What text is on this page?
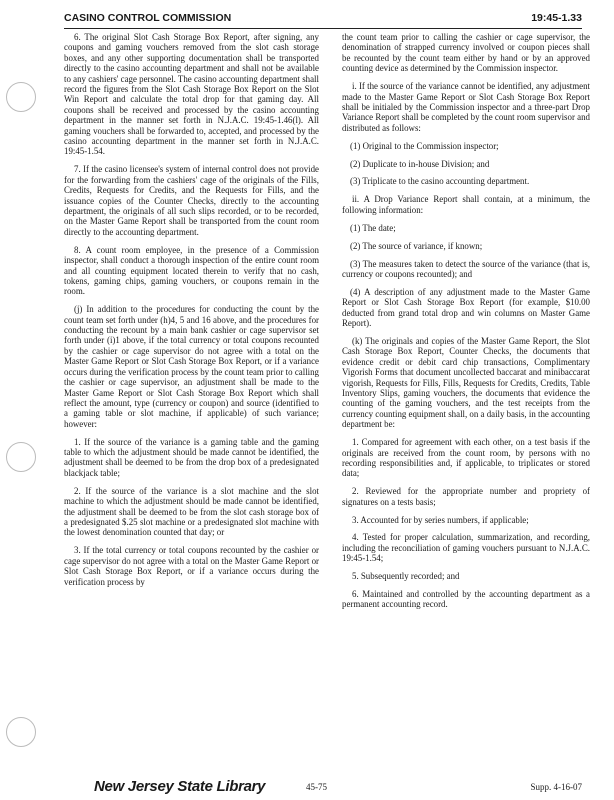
CASINO CONTROL COMMISSION	19:45-1.33

6. The original Slot Cash Storage Box Report, after signing, any coupons and gaming vouchers removed from the slot cash storage boxes, and any other supporting documentation shall be transported directly to the casino accounting department and shall not be available to any cashiers' cage personnel. The casino accounting department shall record the figures from the Slot Cash Storage Box Report on the Slot Win Report and calculate the total drop for that gaming day. All coupons shall be received and processed by the casino accounting department in the manner set forth in N.J.A.C. 19:45-1.46(l). All gaming vouchers shall be forwarded to, accepted, and processed by the casino accounting department in the manner set forth in N.J.A.C. 19:45-1.54.

7. If the casino licensee's system of internal control does not provide for the forwarding from the cashiers' cage of the originals of the Fills, Credits, Requests for Credits, and the Requests for Fills, and the issuance copies of the Counter Checks, directly to the accounting department, the originals of all such slips recorded, or to be recorded, on the Master Game Report shall be transported from the count room directly to the accounting department.

8. A count room employee, in the presence of a Commission inspector, shall conduct a thorough inspection of the entire count room and all counting equipment located therein to verify that no cash, tokens, gaming chips, gaming vouchers, or coupons remain in the room.

(j) In addition to the procedures for conducting the count by the count team set forth under (h)4, 5 and 16 above, and the procedures for conducting the recount by a main bank cashier or cage supervisor set forth under (i)1 above, if the total currency or total coupons recounted by the cashier or cage supervisor do not agree with a total on the Master Game Report or Slot Cash Storage Box Report, or if a variance occurs during the verification process by the count team prior to calling the cashier or cage supervisor, an adjustment shall be made to the Master Game Report or Slot Cash Storage Box Report which shall reflect the amount, type (currency or coupon) and source (identified to a gaming table or slot machine, if applicable) of such variance; however:

1. If the source of the variance is a gaming table and the gaming table to which the adjustment should be made cannot be identified, the adjustment shall be deemed to be from the drop box of a predesignated blackjack table;

2. If the source of the variance is a slot machine and the slot machine to which the adjustment should be made cannot be identified, the adjustment shall be deemed to be from the slot cash storage box of a predesignated $.25 slot machine or a predesignated slot machine with the lowest denomination counted that day; or

3. If the total currency or total coupons recounted by the cashier or cage supervisor do not agree with a total on the Master Game Report or Slot Cash Storage Box Report, or if a variance occurs during the verification process by

the count team prior to calling the cashier or cage supervisor, the denomination of strapped currency involved or coupon pieces shall be recounted by the count team either by hand or by an approved counting device as determined by the Commission inspector.

i. If the source of the variance cannot be identified, any adjustment made to the Master Game Report or Slot Cash Storage Box Report shall be initialed by the Commission inspector and a three-part Drop Variance Report shall be completed by the count room supervisor and distributed as follows:

(1) Original to the Commission inspector;

(2) Duplicate to in-house Division; and

(3) Triplicate to the casino accounting department.

ii. A Drop Variance Report shall contain, at a minimum, the following information:

(1) The date;

(2) The source of variance, if known;

(3) The measures taken to detect the source of the variance (that is, currency or coupons recounted); and

(4) A description of any adjustment made to the Master Game Report or Slot Cash Storage Box Report (for example, $10.00 deducted from grand total drop and win columns on Master Game Report).

(k) The originals and copies of the Master Game Report, the Slot Cash Storage Box Report, Counter Checks, the documents that evidence credit or debit card chip transactions, Complimentary Vigorish Forms that document uncollected baccarat and minibaccarat vigorish, Requests for Fills, Fills, Requests for Credits, Credits, Table Inventory Slips, gaming vouchers, the documents that evidence the counting of the gaming vouchers, and the test receipts from the currency counting equipment shall, on a daily basis, in the accounting department be:

1. Compared for agreement with each other, on a test basis if the originals are received from the count room, by persons with no recording responsibilities and, if applicable, to triplicates or stored data;

2. Reviewed for the appropriate number and propriety of signatures on a tests basis;

3. Accounted for by series numbers, if applicable;

4. Tested for proper calculation, summarization, and recording, including the reconciliation of gaming vouchers pursuant to N.J.A.C. 19:45-1.54;

5. Subsequently recorded; and

6. Maintained and controlled by the accounting department as a permanent accounting record.

New Jersey State Library	45-75	Supp. 4-16-07
